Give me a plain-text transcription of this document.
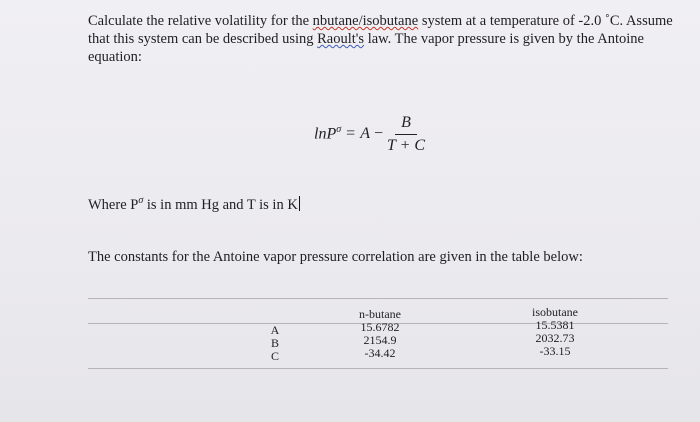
Calculate the relative volatility for the nbutane/isobutane system at a temperature of -2.0 ˚C. Assume that this system can be described using Raoult's law. The vapor pressure is given by the Antoine equation:
$\ln P^\sigma = A - \frac{B}{T + C}$
Where $P^\sigma$ is in mm Hg and T is in K
The constants for the Antoine vapor pressure correlation are given in the table below:
A
B
C
n-butane
15.6782
2154.9
-34.42
isobutane
15.5381
2032.73
-33.15
